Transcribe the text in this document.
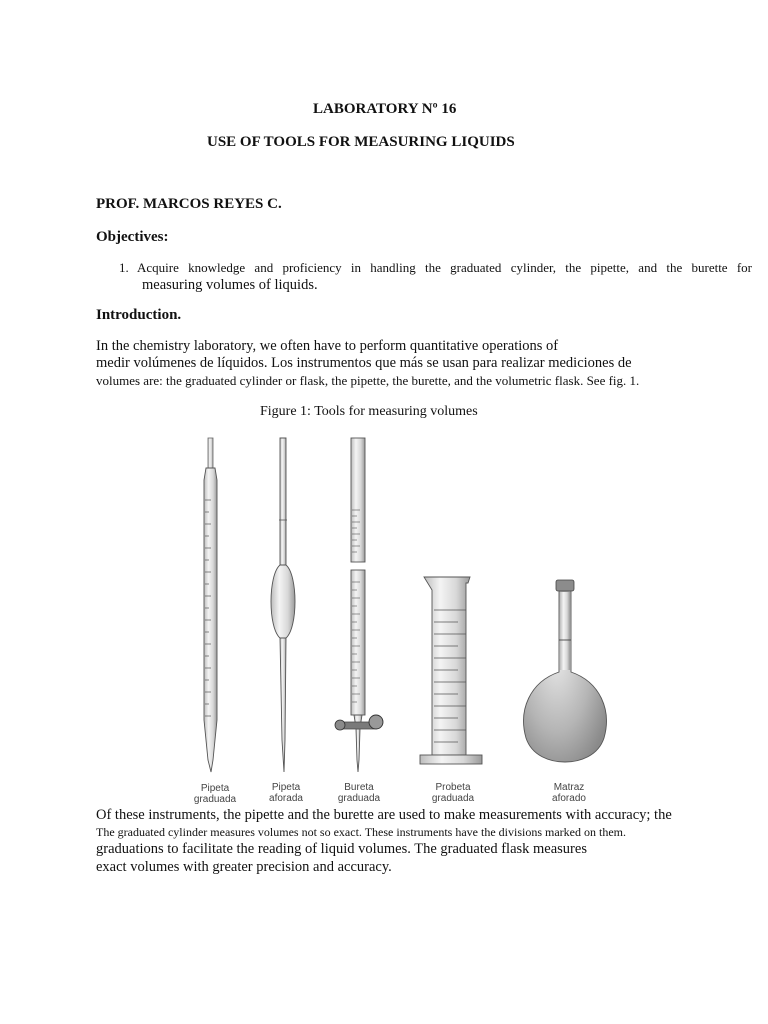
LABORATORY Nº 16
USE OF TOOLS FOR MEASURING LIQUIDS
PROF. MARCOS REYES C.
Objectives:
1. Acquire knowledge and proficiency in handling the graduated cylinder, the pipette, and the burette for
measuring volumes of liquids.
Introduction.
In the chemistry laboratory, we often have to perform quantitative operations of
medir volúmenes de líquidos. Los instrumentos que más se usan para realizar mediciones de
volumes are: the graduated cylinder or flask, the pipette, the burette, and the volumetric flask. See fig. 1.
Figure 1: Tools for measuring volumes
Pipeta
graduada
Pipeta
aforada
Bureta
graduada
Probeta
graduada
Matraz
aforado
Of these instruments, the pipette and the burette are used to make measurements with accuracy; the
The graduated cylinder measures volumes not so exact. These instruments have the divisions marked on them.
graduations to facilitate the reading of liquid volumes. The graduated flask measures
exact volumes with greater precision and accuracy.
